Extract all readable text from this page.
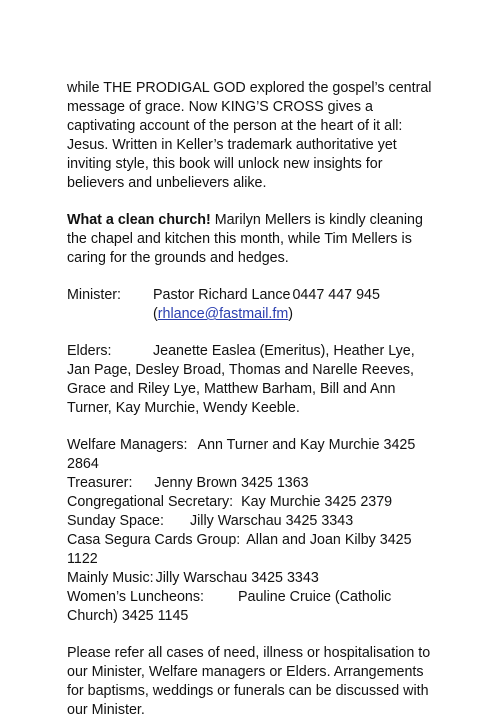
while THE PRODIGAL GOD explored the gospel’s central message of grace. Now KING’S CROSS gives a captivating account of the person at the heart of it all: Jesus. Written in Keller’s trademark authoritative yet inviting style, this book will unlock new insights for believers and unbelievers alike.

What a clean church! Marilyn Mellers is kindly cleaning the chapel and kitchen this month, while Tim Mellers is caring for the grounds and hedges.

Minister:	Pastor Richard Lance 0447 447 945
(rhlance@fastmail.fm)

Elders:	Jeanette Easlea (Emeritus), Heather Lye, Jan Page, Desley Broad, Thomas and Narelle Reeves, Grace and Riley Lye, Matthew Barham, Bill and Ann Turner, Kay Murchie, Wendy Keeble.

Welfare Managers: Ann Turner and Kay Murchie 3425 2864

Treasurer: Jenny Brown 3425 1363

Congregational Secretary: Kay Murchie 3425 2379

Sunday Space: Jilly Warschau 3425 3343

Casa Segura Cards Group: Allan and Joan Kilby 3425 1122

Mainly Music: Jilly Warschau 3425 3343

Women’s Luncheons: Pauline Cruice (Catholic Church) 3425 1145

Please refer all cases of need, illness or hospitalisation to our Minister, Welfare managers or Elders. Arrangements for baptisms, weddings or funerals can be discussed with our Minister.
